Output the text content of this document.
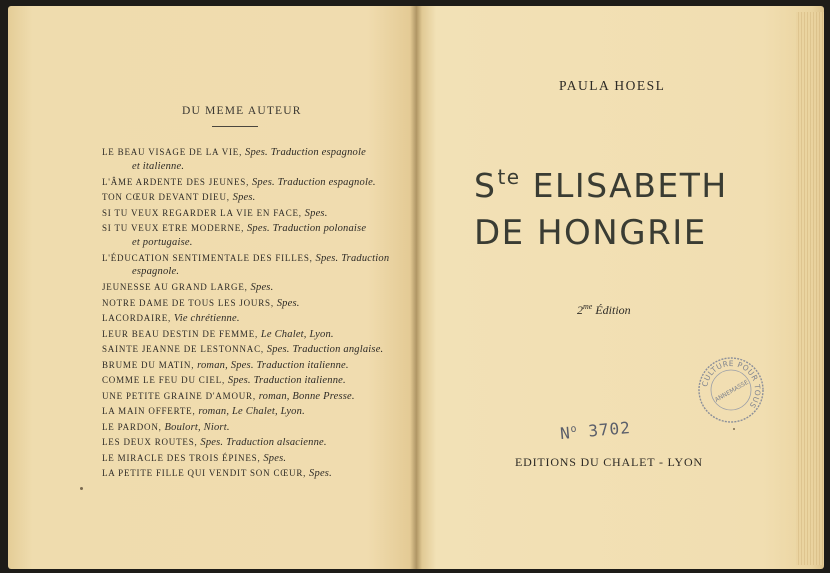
DU MEME AUTEUR
LE BEAU VISAGE DE LA VIE, Spes. Traduction espagnole
et italienne.
L'ÂME ARDENTE DES JEUNES, Spes. Traduction espagnole.
TON CŒUR DEVANT DIEU, Spes.
SI TU VEUX REGARDER LA VIE EN FACE, Spes.
SI TU VEUX ETRE MODERNE, Spes. Traduction polonaise
et portugaise.
L'ÉDUCATION SENTIMENTALE DES FILLES, Spes. Traduction
espagnole.
JEUNESSE AU GRAND LARGE, Spes.
NOTRE DAME DE TOUS LES JOURS, Spes.
LACORDAIRE, Vie chrétienne.
LEUR BEAU DESTIN DE FEMME, Le Chalet, Lyon.
SAINTE JEANNE DE LESTONNAC, Spes. Traduction anglaise.
BRUME DU MATIN, roman, Spes. Traduction italienne.
COMME LE FEU DU CIEL, Spes. Traduction italienne.
UNE PETITE GRAINE D'AMOUR, roman, Bonne Presse.
LA MAIN OFFERTE, roman, Le Chalet, Lyon.
LE PARDON, Boulort, Niort.
LES DEUX ROUTES, Spes. Traduction alsacienne.
LE MIRACLE DES TROIS ÉPINES, Spes.
LA PETITE FILLE QUI VENDIT SON CŒUR, Spes.
PAULA HOESL
$S^{te}$ ELISABETH
DE HONGRIE
$2^{me}$ Édition
CULTURE POUR TOUS
ANNEMASSE
$N^o$ 3702
EDITIONS DU CHALET - LYON
